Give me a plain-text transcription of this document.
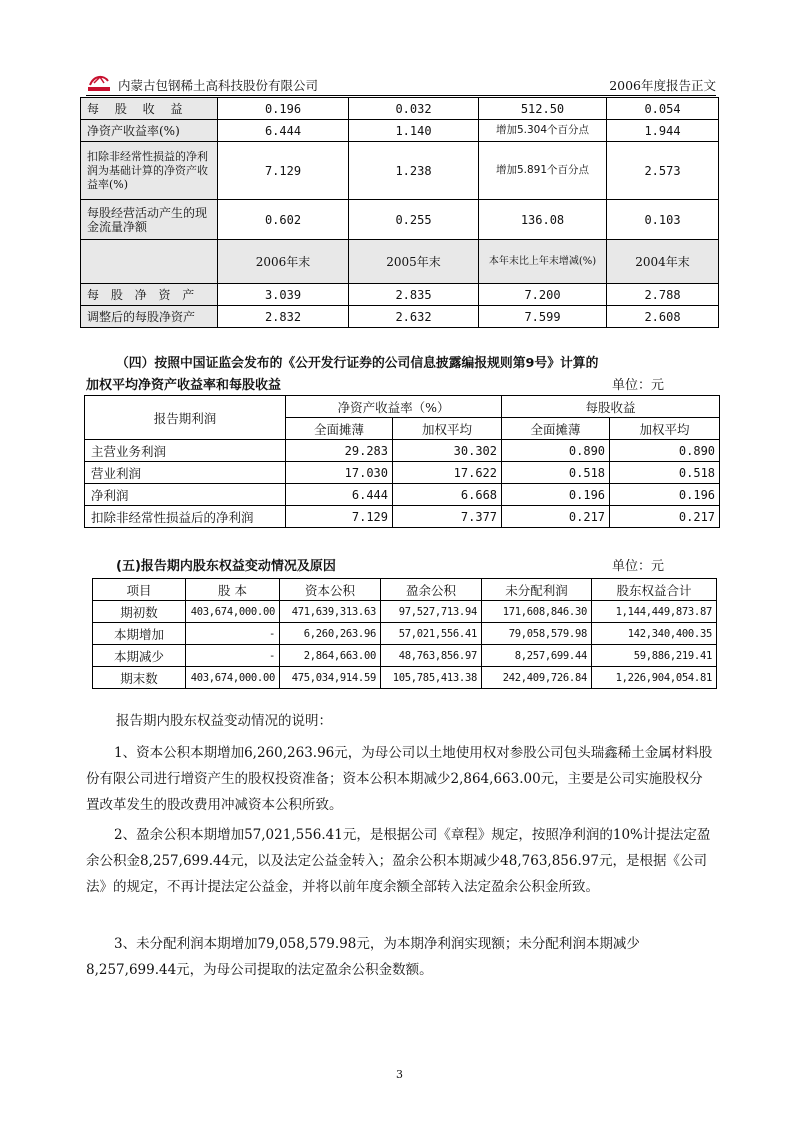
内蒙古包钢稀土高科技股份有限公司	2006年度报告正文
每 股 收 益	0.196	0.032	512.50	0.054
净资产收益率(%)	6.444	1.140	增加5.304个百分点	1.944
扣除非经常性损益的净利润为基础计算的净资产收益率(%)	7.129	1.238	增加5.891个百分点	2.573
每股经营活动产生的现金流量净额	0.602	0.255	136.08	0.103
	2006年末	2005年末	本年末比上年末增减(%)	2004年末
每 股 净 资 产	3.039	2.835	7.200	2.788
调整后的每股净资产	2.832	2.632	7.599	2.608
（四）按照中国证监会发布的《公开发行证券的公司信息披露编报规则第9号》计算的
加权平均净资产收益率和每股收益	单位：元
报告期利润	净资产收益率（%）		每股收益	
	全面摊薄	加权平均	全面摊薄	加权平均
主营业务利润	29.283	30.302	0.890	0.890
营业利润	17.030	17.622	0.518	0.518
净利润	6.444	6.668	0.196	0.196
扣除非经常性损益后的净利润	7.129	7.377	0.217	0.217
(五)报告期内股东权益变动情况及原因	单位：元
项目	股 本	资本公积	盈余公积	未分配利润	股东权益合计
期初数	403,674,000.00	471,639,313.63	97,527,713.94	171,608,846.30	1,144,449,873.87
本期增加	-	6,260,263.96	57,021,556.41	79,058,579.98	142,340,400.35
本期减少	-	2,864,663.00	48,763,856.97	8,257,699.44	59,886,219.41
期末数	403,674,000.00	475,034,914.59	105,785,413.38	242,409,726.84	1,226,904,054.81
报告期内股东权益变动情况的说明：
1、资本公积本期增加6,260,263.96元，为母公司以土地使用权对参股公司包头瑞鑫稀土金属材料股份有限公司进行增资产生的股权投资准备；资本公积本期减少2,864,663.00元，主要是公司实施股权分置改革发生的股改费用冲减资本公积所致。
2、盈余公积本期增加57,021,556.41元，是根据公司《章程》规定，按照净利润的10%计提法定盈余公积金8,257,699.44元，以及法定公益金转入；盈余公积本期减少48,763,856.97元，是根据《公司法》的规定，不再计提法定公益金，并将以前年度余额全部转入法定盈余公积金所致。
3、未分配利润本期增加79,058,579.98元，为本期净利润实现额；未分配利润本期减少8,257,699.44元，为母公司提取的法定盈余公积金数额。
3
